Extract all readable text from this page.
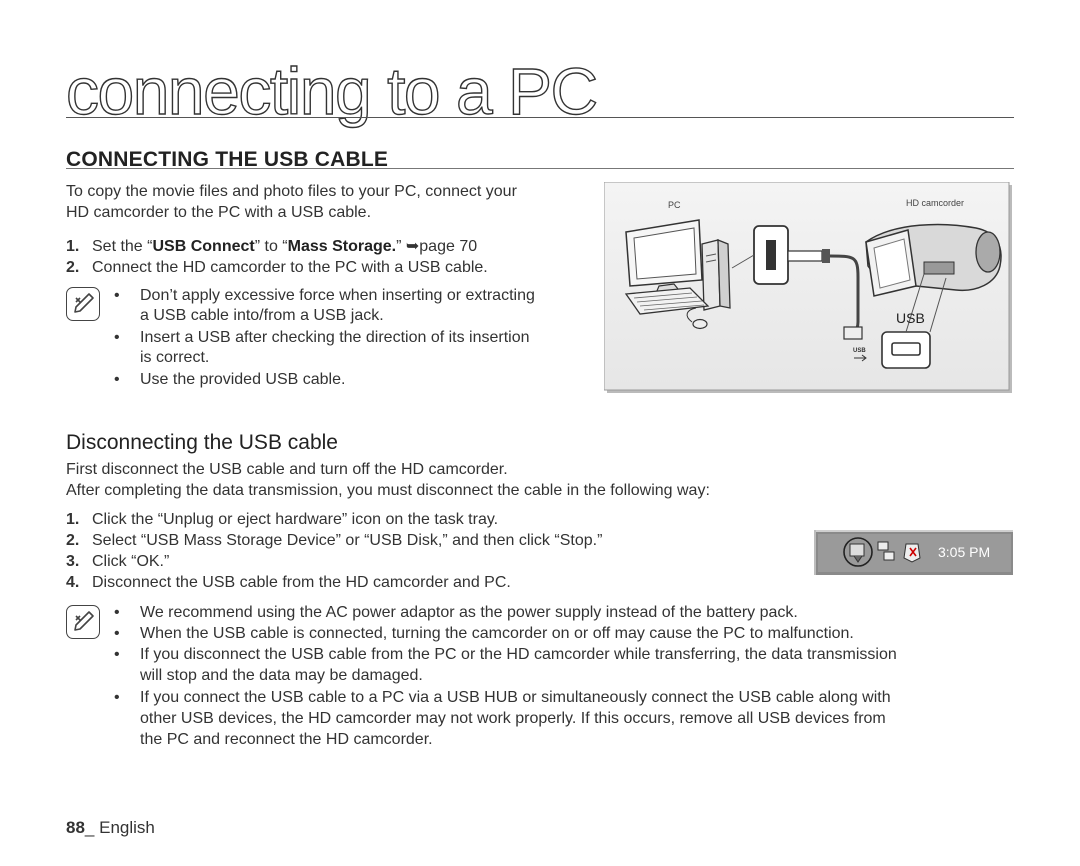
connecting to a PC
CONNECTING THE USB CABLE
To copy the movie files and photo files to your PC, connect your
HD camcorder to the PC with a USB cable.
1. Set the “USB Connect” to “Mass Storage.” ➥page 70
2. Connect the HD camcorder to the PC with a USB cable.
• Don’t apply excessive force when inserting or extracting
a USB cable into/from a USB jack.
• Insert a USB after checking the direction of its insertion
is correct.
• Use the provided USB cable.
PC	HD camcorder
USB
USB
Disconnecting the USB cable
First disconnect the USB cable and turn off the HD camcorder.
After completing the data transmission, you must disconnect the cable in the following way:
1. Click the “Unplug or eject hardware” icon on the task tray.
2. Select “USB Mass Storage Device” or “USB Disk,” and then click “Stop.”
3. Click “OK.”
4. Disconnect the USB cable from the HD camcorder and PC.
3:05 PM
• We recommend using the AC power adaptor as the power supply instead of the battery pack.
• When the USB cable is connected, turning the camcorder on or off may cause the PC to malfunction.
• If you disconnect the USB cable from the PC or the HD camcorder while transferring, the data transmission
will stop and the data may be damaged.
• If you connect the USB cable to a PC via a USB HUB or simultaneously connect the USB cable along with
other USB devices, the HD camcorder may not work properly. If this occurs, remove all USB devices from
the PC and reconnect the HD camcorder.
88_ English
